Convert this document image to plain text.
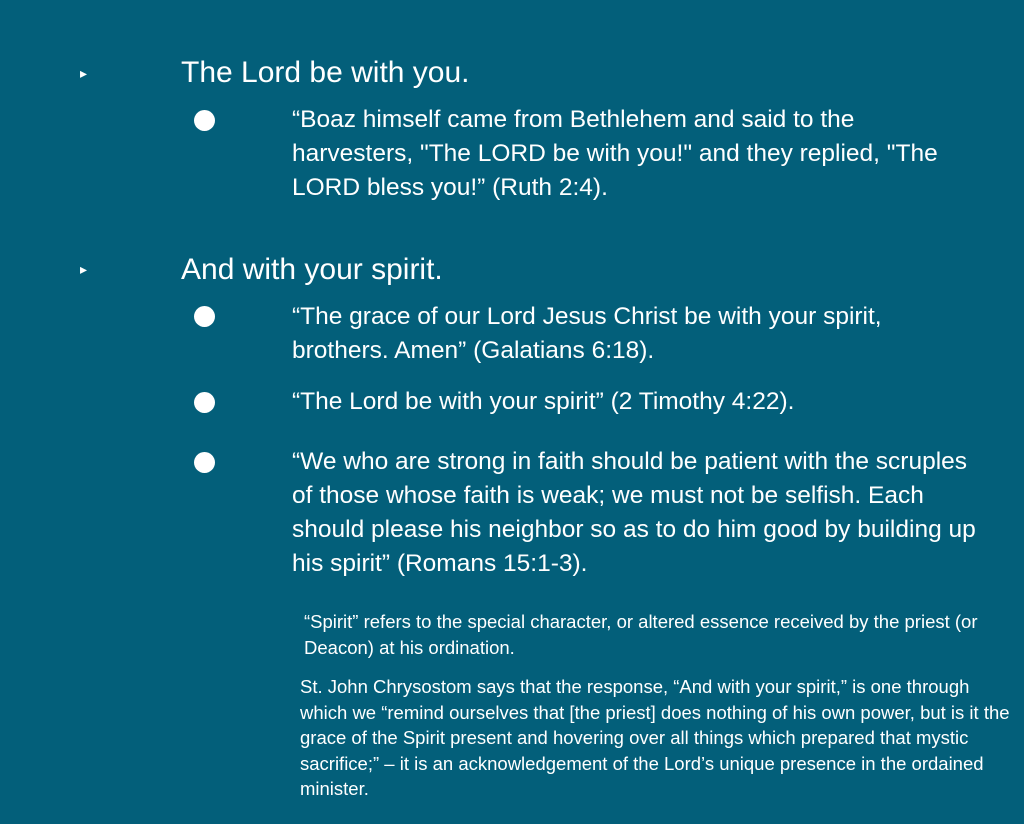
▸	The Lord be with you.
“Boaz himself came from Bethlehem and said to the harvesters, "The LORD be with you!" and they replied, "The LORD bless you!” (Ruth 2:4).
▸	And with your spirit.
“The grace of our Lord Jesus Christ be with your spirit, brothers. Amen” (Galatians 6:18).
“The Lord be with your spirit” (2 Timothy 4:22).
“We who are strong in faith should be patient with the scruples of those whose faith is weak; we must not be selfish. Each should please his neighbor so as to do him good by building up his spirit” (Romans 15:1-3).
“Spirit” refers to the special character, or altered essence received by the priest (or Deacon) at his ordination.
St. John Chrysostom says that the response, “And with your spirit,” is one through which we “remind ourselves that [the priest] does nothing of his own power, but is it the grace of the Spirit present and hovering over all things which prepared that mystic sacrifice;” – it is an acknowledgement of the Lord’s unique presence in the ordained minister.
